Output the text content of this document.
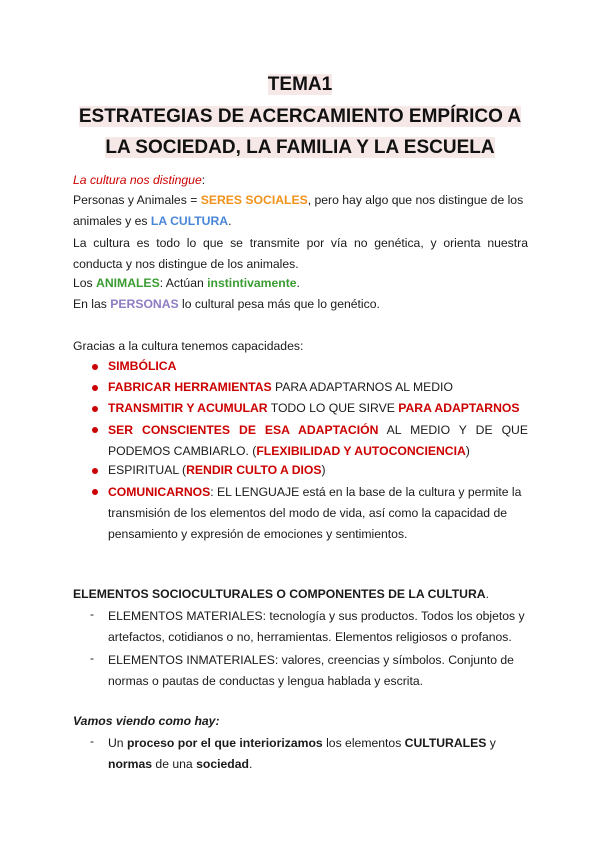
TEMA1

ESTRATEGIAS DE ACERCAMIENTO EMPÍRICO A

LA SOCIEDAD, LA FAMILIA Y LA ESCUELA

La cultura nos distingue:

Personas y Animales = SERES SOCIALES, pero hay algo que nos distingue de los
animales y es LA CULTURA.

La cultura es todo lo que se transmite por vía no genética, y orienta nuestra
conducta y nos distingue de los animales.

Los ANIMALES: Actúan instintivamente.

En las PERSONAS lo cultural pesa más que lo genético.

Gracias a la cultura tenemos capacidades:

SIMBÓLICA

FABRICAR HERRAMIENTAS PARA ADAPTARNOS AL MEDIO

TRANSMITIR Y ACUMULAR TODO LO QUE SIRVE PARA ADAPTARNOS

SER CONSCIENTES DE ESA ADAPTACIÓN AL MEDIO Y DE QUE

PODEMOS CAMBIARLO. (FLEXIBILIDAD Y AUTOCONCIENCIA)

ESPIRITUAL (RENDIR CULTO A DIOS)

COMUNICARNOS: EL LENGUAJE está en la base de la cultura y permite la

transmisión de los elementos del modo de vida, así como la capacidad de

pensamiento y expresión de emociones y sentimientos.

ELEMENTOS SOCIOCULTURALES O COMPONENTES DE LA CULTURA.

- ELEMENTOS MATERIALES: tecnología y sus productos. Todos los objetos y

artefactos, cotidianos o no, herramientas. Elementos religiosos o profanos.

- ELEMENTOS INMATERIALES: valores, creencias y símbolos. Conjunto de

normas o pautas de conductas y lengua hablada y escrita.

Vamos viendo como hay:

- Un proceso por el que interiorizamos los elementos CULTURALES y

normas de una sociedad.
